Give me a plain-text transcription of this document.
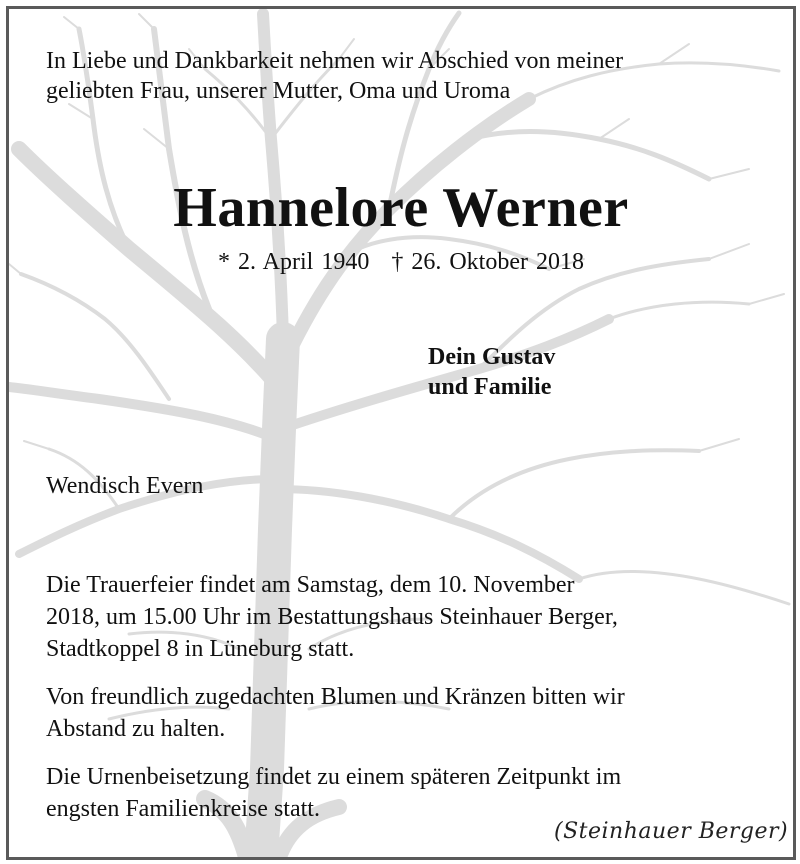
In Liebe und Dankbarkeit nehmen wir Abschied von meiner
geliebten Frau, unserer Mutter, Oma und Uroma
Hannelore Werner
* 2. April 1940 † 26. Oktober 2018
Dein Gustav
und Familie
Wendisch Evern
Die Trauerfeier findet am Samstag, dem 10. November
2018, um 15.00 Uhr im Bestattungshaus Steinhauer Berger,
Stadtkoppel 8 in Lüneburg statt.
Von freundlich zugedachten Blumen und Kränzen bitten wir
Abstand zu halten.
Die Urnenbeisetzung findet zu einem späteren Zeitpunkt im
engsten Familienkreise statt.
(Steinhauer Berger)
